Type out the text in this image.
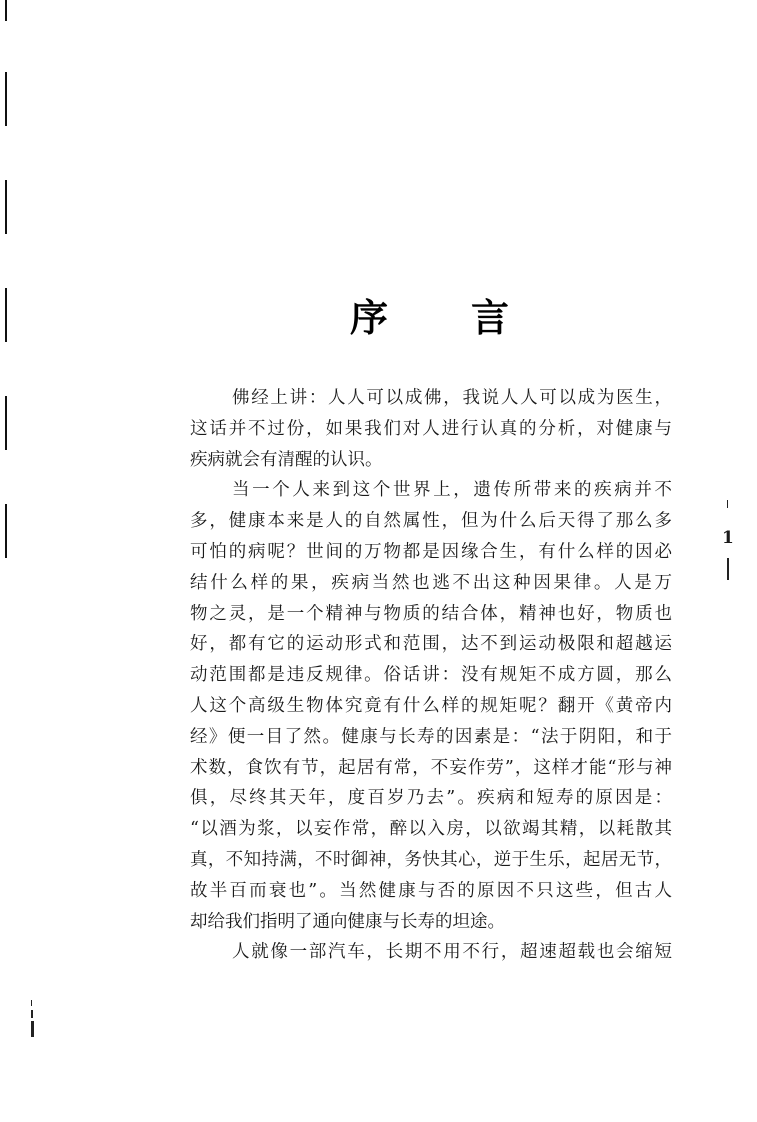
序 言
佛经上讲：人人可以成佛，我说人人可以成为医生，
这话并不过份，如果我们对人进行认真的分析，对健康与
疾病就会有清醒的认识。
当一个人来到这个世界上，遗传所带来的疾病并不
多，健康本来是人的自然属性，但为什么后天得了那么多
可怕的病呢？世间的万物都是因缘合生，有什么样的因必
结什么样的果，疾病当然也逃不出这种因果律。人是万
物之灵，是一个精神与物质的结合体，精神也好，物质也
好，都有它的运动形式和范围，达不到运动极限和超越运
动范围都是违反规律。俗话讲：没有规矩不成方圆，那么
人这个高级生物体究竟有什么样的规矩呢？翻开《黄帝内
经》便一目了然。健康与长寿的因素是：“法于阴阳，和于
术数，食饮有节，起居有常，不妄作劳”，这样才能“形与神
俱，尽终其天年，度百岁乃去”。疾病和短寿的原因是：
“以酒为浆，以妄作常，醉以入房，以欲竭其精，以耗散其
真，不知持满，不时御神，务快其心，逆于生乐，起居无节，
故半百而衰也”。当然健康与否的原因不只这些，但古人
却给我们指明了通向健康与长寿的坦途。
人就像一部汽车，长期不用不行，超速超载也会缩短
1
